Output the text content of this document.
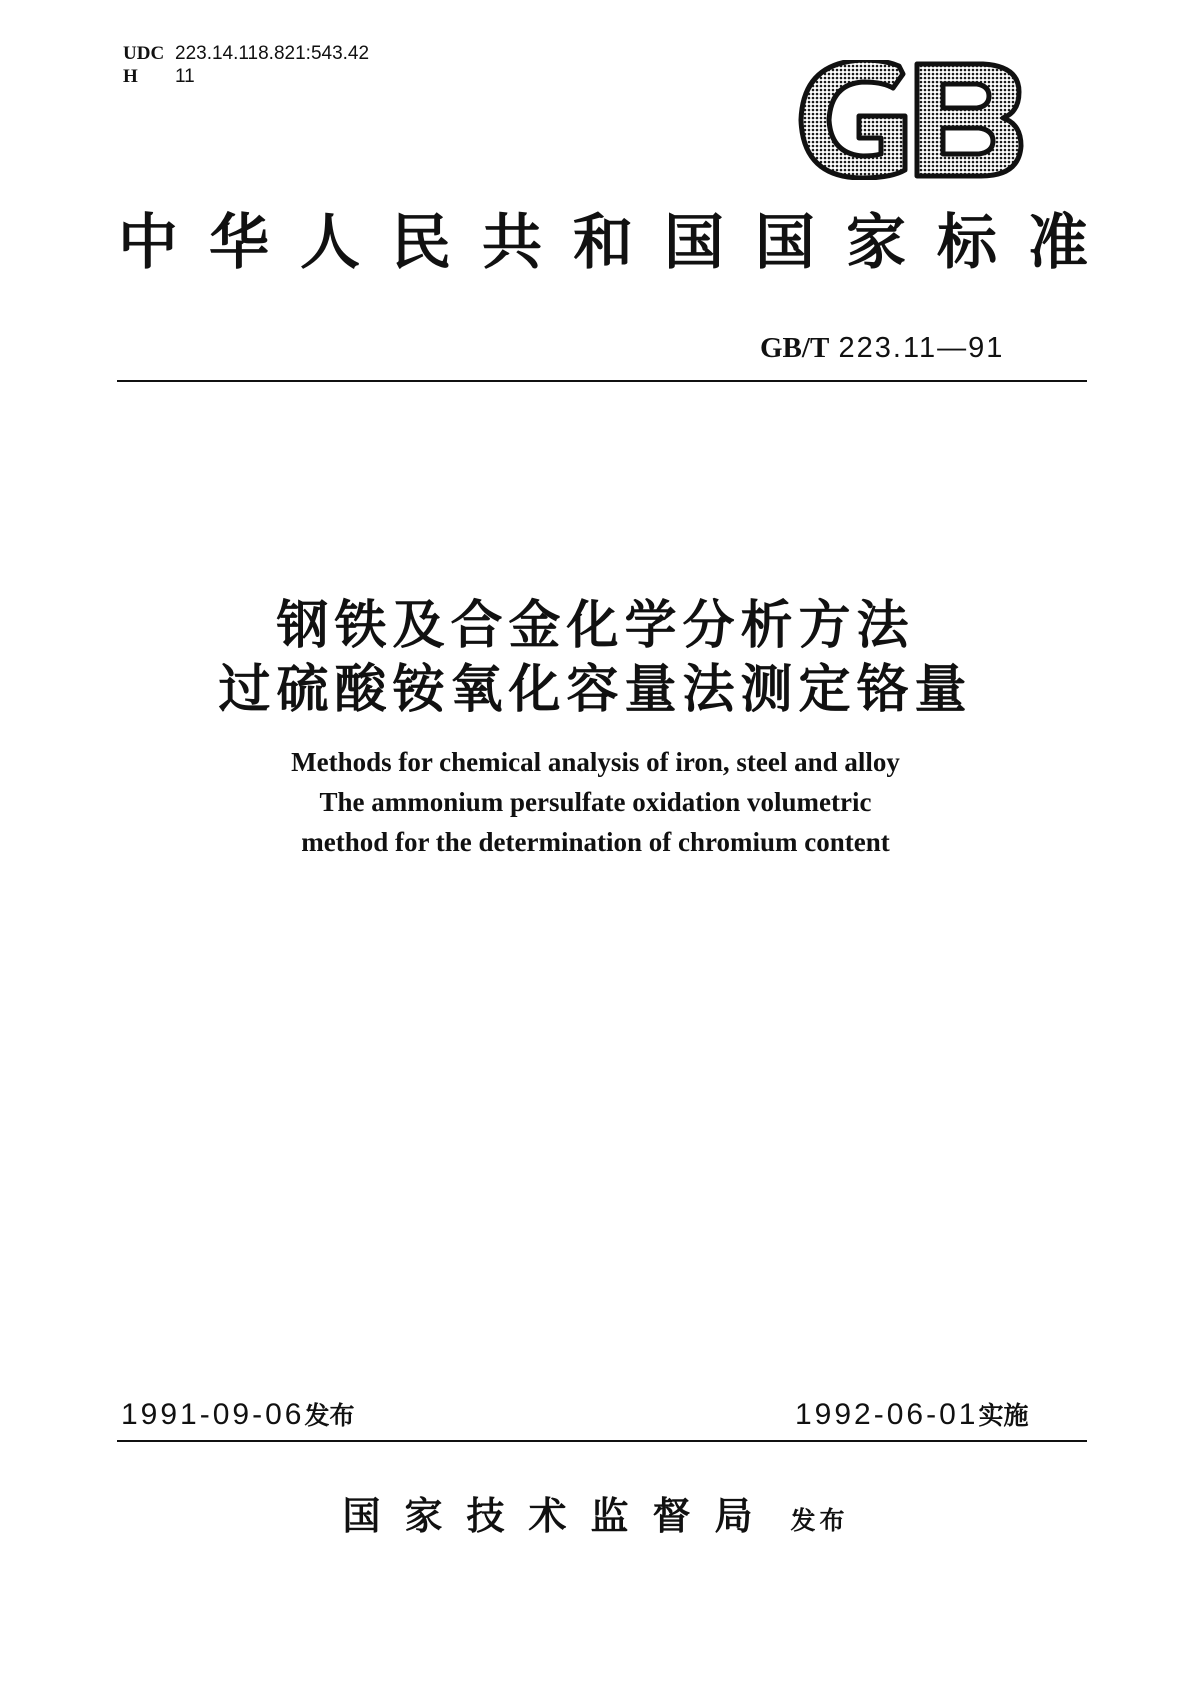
UDC 223.14.118.821:543.42
H 11
中 华 人 民 共 和 国 国 家 标 准
GB/T 223.11—91
钢铁及合金化学分析方法
过硫酸铵氧化容量法测定铬量
Methods for chemical analysis of iron, steel and alloy
The ammonium persulfate oxidation volumetric
method for the determination of chromium content
1991-09-06发布	1992-06-01实施
国家技术监督局 发布
